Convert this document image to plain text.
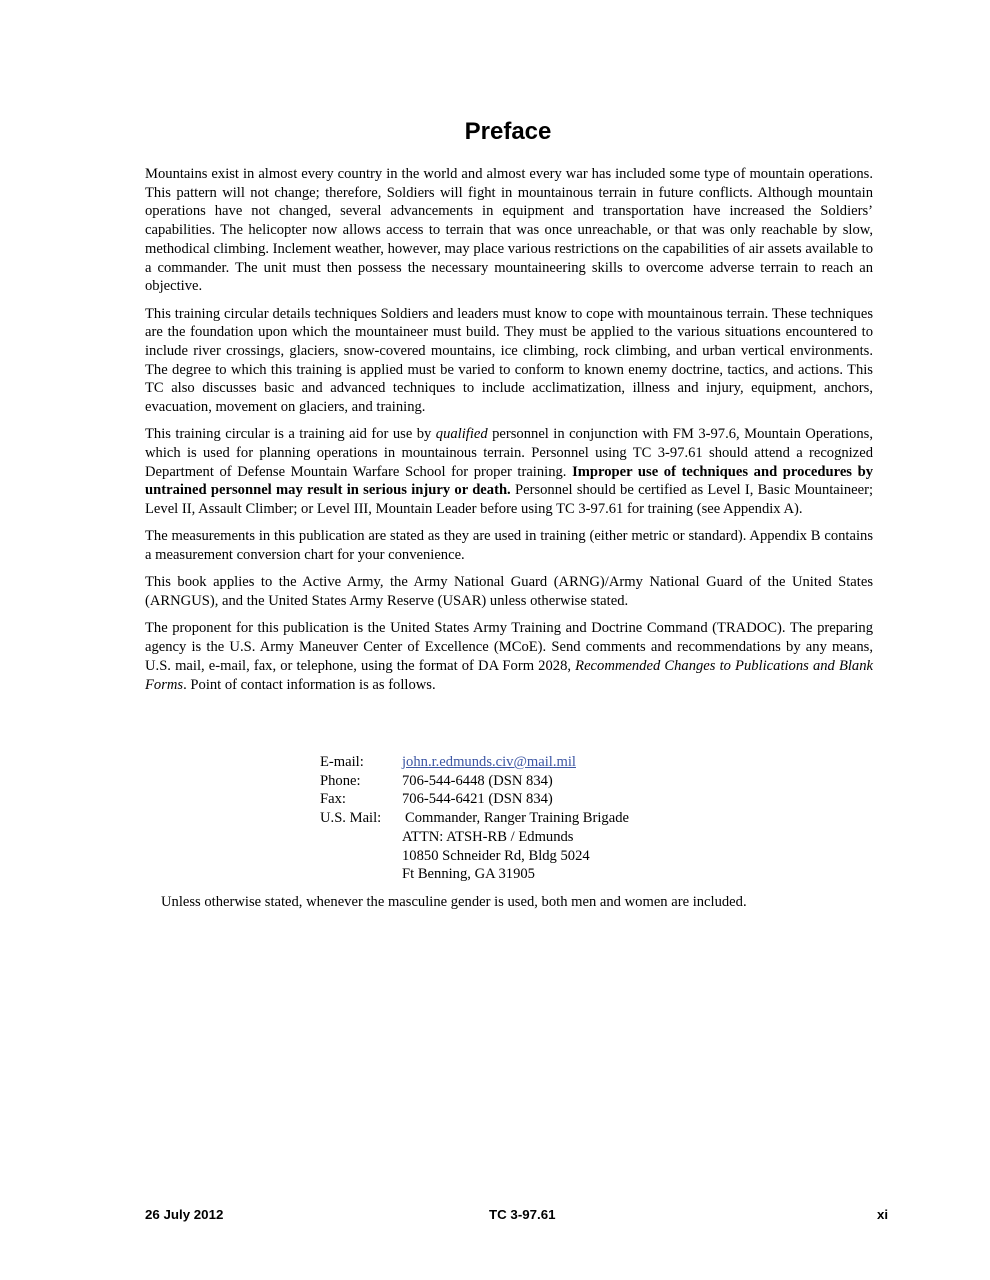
Preface

Mountains exist in almost every country in the world and almost every war has included some type of mountain operations. This pattern will not change; therefore, Soldiers will fight in mountainous terrain in future conflicts. Although mountain operations have not changed, several advancements in equipment and transportation have increased the Soldiers’ capabilities. The helicopter now allows access to terrain that was once unreachable, or that was only reachable by slow, methodical climbing. Inclement weather, however, may place various restrictions on the capabilities of air assets available to a commander. The unit must then possess the necessary mountaineering skills to overcome adverse terrain to reach an objective.

This training circular details techniques Soldiers and leaders must know to cope with mountainous terrain. These techniques are the foundation upon which the mountaineer must build. They must be applied to the various situations encountered to include river crossings, glaciers, snow-covered mountains, ice climbing, rock climbing, and urban vertical environments. The degree to which this training is applied must be varied to conform to known enemy doctrine, tactics, and actions. This TC also discusses basic and advanced techniques to include acclimatization, illness and injury, equipment, anchors, evacuation, movement on glaciers, and training.

This training circular is a training aid for use by qualified personnel in conjunction with FM 3-97.6, Mountain Operations, which is used for planning operations in mountainous terrain. Personnel using TC 3-97.61 should attend a recognized Department of Defense Mountain Warfare School for proper training. Improper use of techniques and procedures by untrained personnel may result in serious injury or death. Personnel should be certified as Level I, Basic Mountaineer; Level II, Assault Climber; or Level III, Mountain Leader before using TC 3-97.61 for training (see Appendix A).

The measurements in this publication are stated as they are used in training (either metric or standard). Appendix B contains a measurement conversion chart for your convenience.

This book applies to the Active Army, the Army National Guard (ARNG)/Army National Guard of the United States (ARNGUS), and the United States Army Reserve (USAR) unless otherwise stated.

The proponent for this publication is the United States Army Training and Doctrine Command (TRADOC). The preparing agency is the U.S. Army Maneuver Center of Excellence (MCoE). Send comments and recommendations by any means, U.S. mail, e-mail, fax, or telephone, using the format of DA Form 2028, Recommended Changes to Publications and Blank Forms. Point of contact information is as follows.

E-mail:	john.r.edmunds.civ@mail.mil
Phone:	706-544-6448 (DSN 834)
Fax:	706-544-6421 (DSN 834)
U.S. Mail:	Commander, Ranger Training Brigade
ATTN: ATSH-RB / Edmunds
10850 Schneider Rd, Bldg 5024
Ft Benning, GA 31905

Unless otherwise stated, whenever the masculine gender is used, both men and women are included.

26 July 2012	TC 3-97.61	xi
